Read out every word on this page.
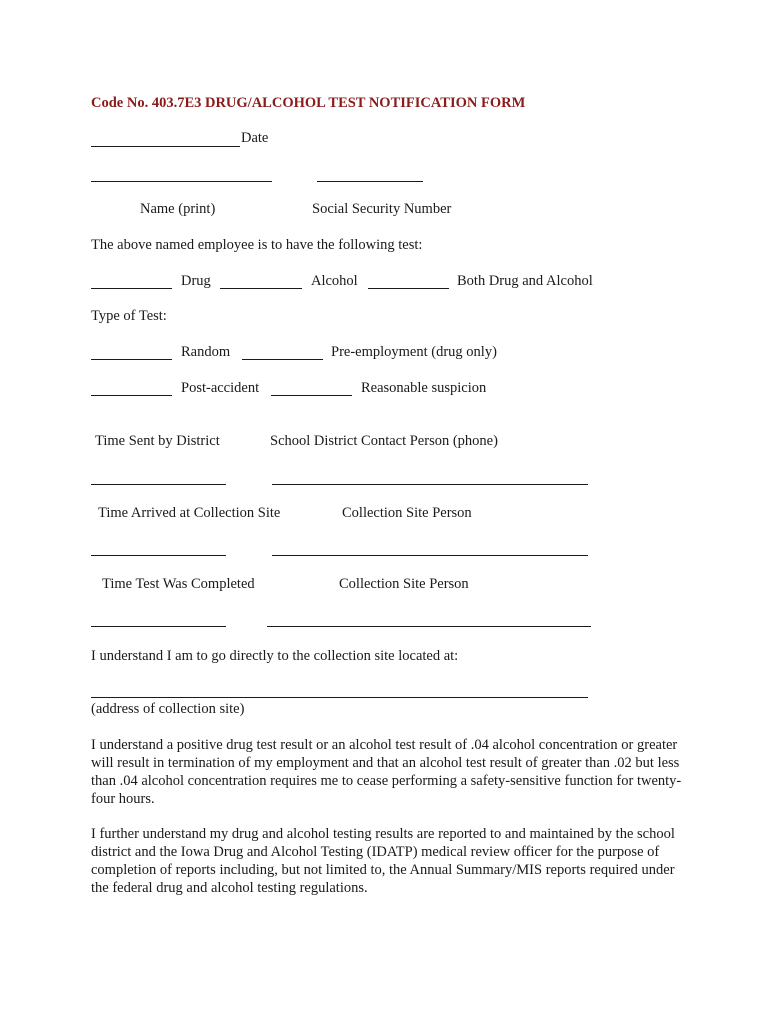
Code No. 403.7E3 DRUG/ALCOHOL TEST NOTIFICATION FORM
Date
Name (print)	Social Security Number
The above named employee is to have the following test:
Drug	Alcohol	Both Drug and Alcohol
Type of Test:
Random	Pre-employment (drug only)
Post-accident	Reasonable suspicion
Time Sent by District	School District Contact Person (phone)
Time Arrived at Collection Site	Collection Site Person
Time Test Was Completed	Collection Site Person
I understand I am to go directly to the collection site located at:
(address of collection site)
I understand a positive drug test result or an alcohol test result of .04 alcohol concentration or greater will result in termination of my employment and that an alcohol test result of greater than .02 but less than .04 alcohol concentration requires me to cease performing a safety-sensitive function for twenty-four hours.
I further understand my drug and alcohol testing results are reported to and maintained by the school district and the Iowa Drug and Alcohol Testing (IDATP) medical review officer for the purpose of completion of reports including, but not limited to, the Annual Summary/MIS reports required under the federal drug and alcohol testing regulations.
